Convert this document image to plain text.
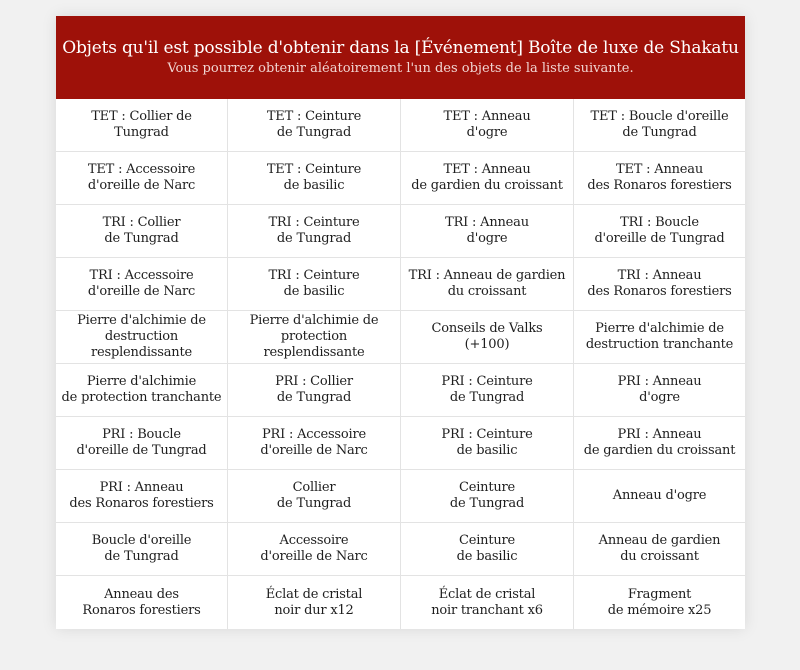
Objets qu'il est possible d'obtenir dans la [Événement] Boîte de luxe de Shakatu
Vous pourrez obtenir aléatoirement l'un des objets de la liste suivante.
TET : Collier de
Tungrad
TET : Ceinture
de Tungrad
TET : Anneau
d'ogre
TET : Boucle d'oreille
de Tungrad
TET : Accessoire
d'oreille de Narc
TET : Ceinture
de basilic
TET : Anneau
de gardien du croissant
TET : Anneau
des Ronaros forestiers
TRI : Collier
de Tungrad
TRI : Ceinture
de Tungrad
TRI : Anneau
d'ogre
TRI : Boucle
d'oreille de Tungrad
TRI : Accessoire
d'oreille de Narc
TRI : Ceinture
de basilic
TRI : Anneau de gardien
du croissant
TRI : Anneau
des Ronaros forestiers
Pierre d'alchimie de
destruction resplendissante
Pierre d'alchimie de
protection resplendissante
Conseils de Valks
(+100)
Pierre d'alchimie de
destruction tranchante
Pierre d'alchimie
de protection tranchante
PRI : Collier
de Tungrad
PRI : Ceinture
de Tungrad
PRI : Anneau
d'ogre
PRI : Boucle
d'oreille de Tungrad
PRI : Accessoire
d'oreille de Narc
PRI : Ceinture
de basilic
PRI : Anneau
de gardien du croissant
PRI : Anneau
des Ronaros forestiers
Collier
de Tungrad
Ceinture
de Tungrad
Anneau d'ogre
Boucle d'oreille
de Tungrad
Accessoire
d'oreille de Narc
Ceinture
de basilic
Anneau de gardien
du croissant
Anneau des
Ronaros forestiers
Éclat de cristal
noir dur x12
Éclat de cristal
noir tranchant x6
Fragment
de mémoire x25
